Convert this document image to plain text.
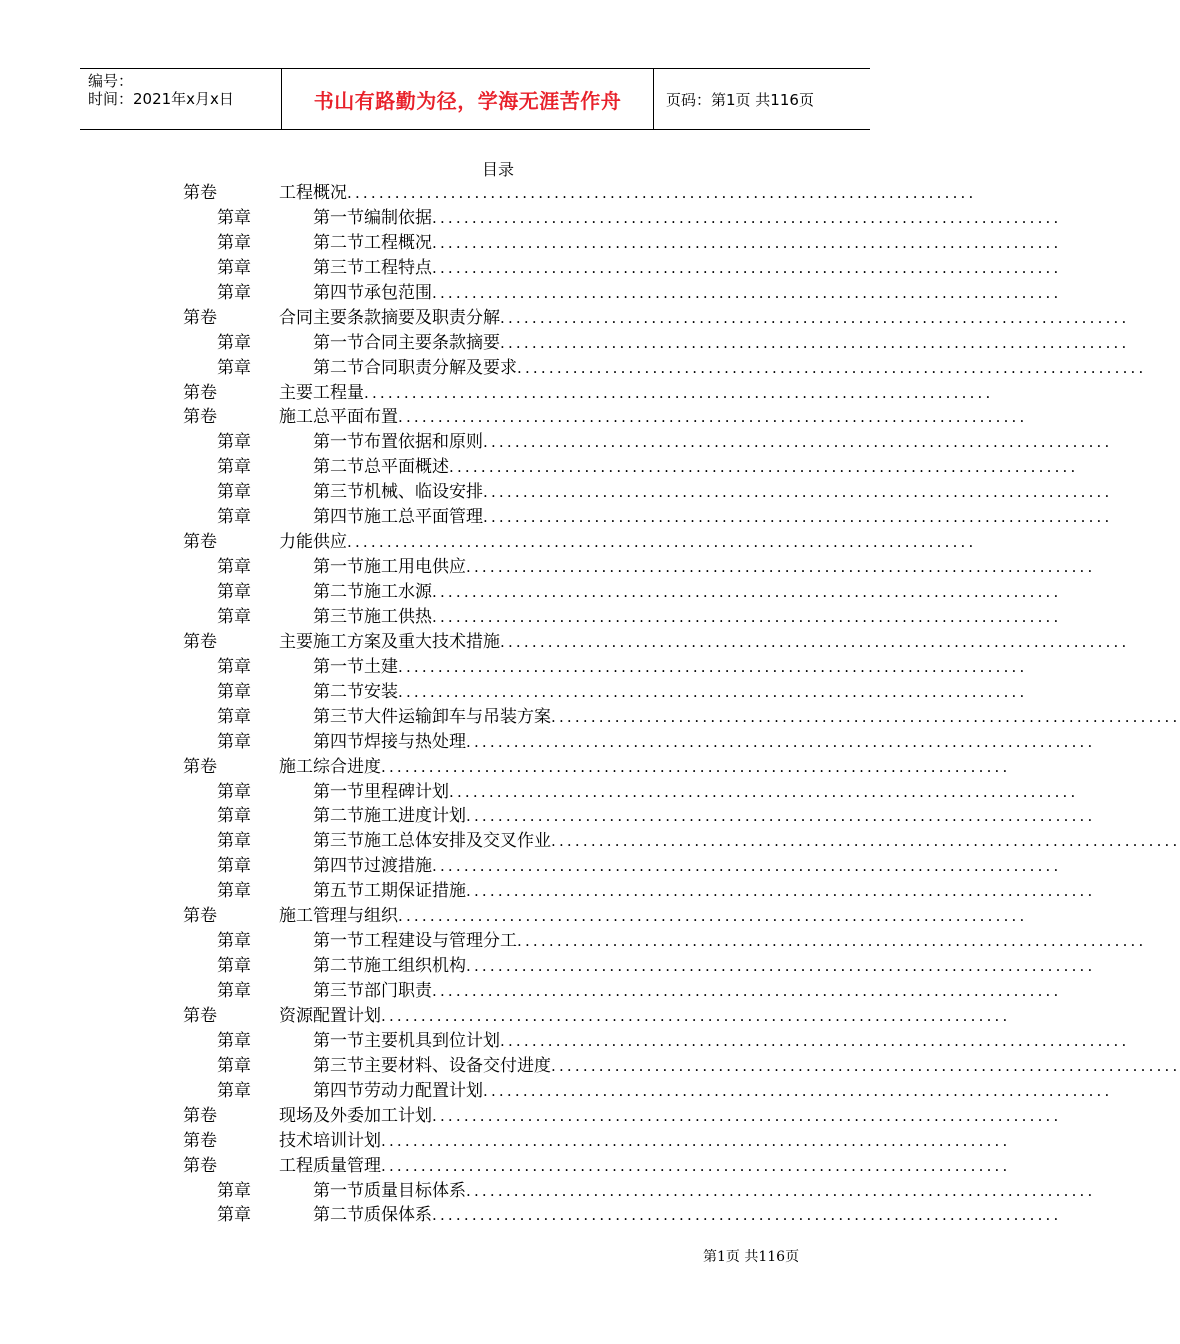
编号：
时间：2021年x月x日	书山有路勤为径，学海无涯苦作舟	页码：第1页 共116页
目录
第卷	工程概况 ...............................................................................
第章	第一节编制依据 ...............................................................................
第章	第二节工程概况 ...............................................................................
第章	第三节工程特点 ...............................................................................
第章	第四节承包范围 ...............................................................................
第卷	合同主要条款摘要及职责分解 ...............................................................................
第章	第一节合同主要条款摘要 ...............................................................................
第章	第二节合同职责分解及要求 ...............................................................................
第卷	主要工程量 ...............................................................................
第卷	施工总平面布置 ...............................................................................
第章	第一节布置依据和原则 ...............................................................................
第章	第二节总平面概述 ...............................................................................
第章	第三节机械、临设安排 ...............................................................................
第章	第四节施工总平面管理 ...............................................................................
第卷	力能供应 ...............................................................................
第章	第一节施工用电供应 ...............................................................................
第章	第二节施工水源 ...............................................................................
第章	第三节施工供热 ...............................................................................
第卷	主要施工方案及重大技术措施 ...............................................................................
第章	第一节土建 ...............................................................................
第章	第二节安装 ...............................................................................
第章	第三节大件运输卸车与吊装方案 ...............................................................................
第章	第四节焊接与热处理 ...............................................................................
第卷	施工综合进度 ...............................................................................
第章	第一节里程碑计划 ...............................................................................
第章	第二节施工进度计划 ...............................................................................
第章	第三节施工总体安排及交叉作业 ...............................................................................
第章	第四节过渡措施 ...............................................................................
第章	第五节工期保证措施 ...............................................................................
第卷	施工管理与组织 ...............................................................................
第章	第一节工程建设与管理分工 ...............................................................................
第章	第二节施工组织机构 ...............................................................................
第章	第三节部门职责 ...............................................................................
第卷	资源配置计划 ...............................................................................
第章	第一节主要机具到位计划 ...............................................................................
第章	第三节主要材料、设备交付进度 ...............................................................................
第章	第四节劳动力配置计划 ...............................................................................
第卷	现场及外委加工计划 ...............................................................................
第卷	技术培训计划 ...............................................................................
第卷	工程质量管理 ...............................................................................
第章	第一节质量目标体系 ...............................................................................
第章	第二节质保体系 ...............................................................................
第1页 共116页
